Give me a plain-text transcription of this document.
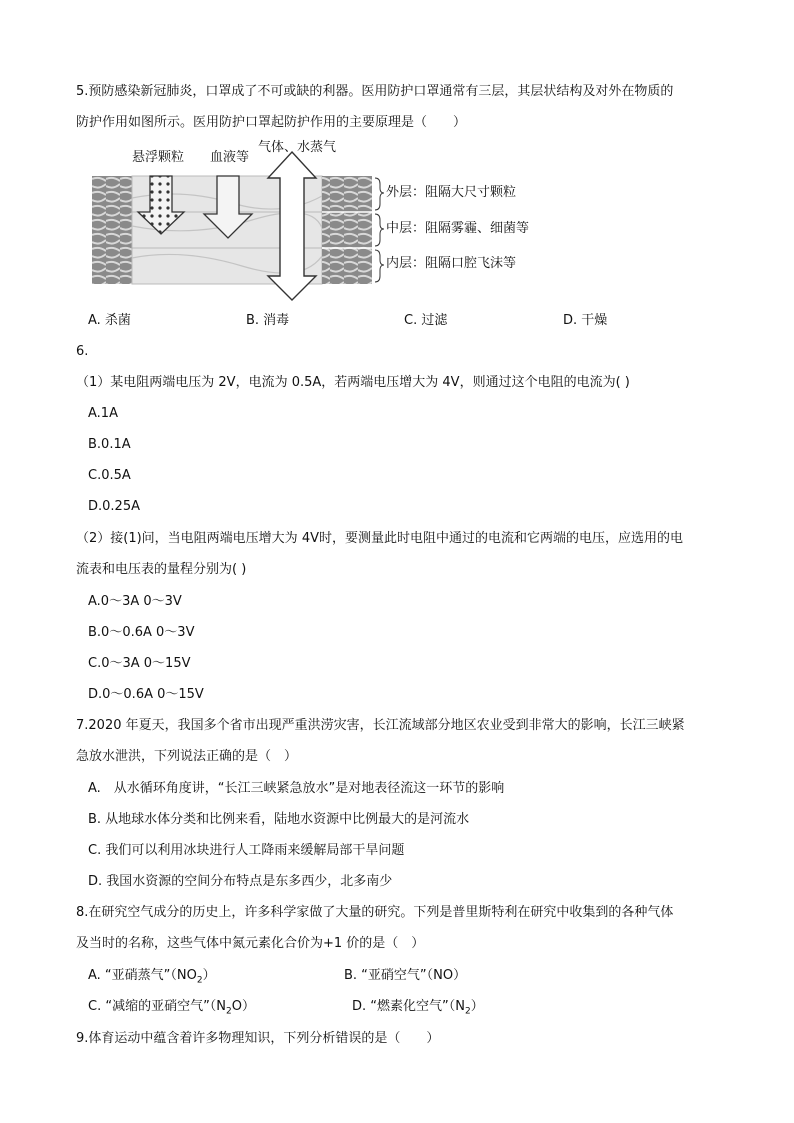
5.预防感染新冠肺炎，口罩成了不可或缺的利器。医用防护口罩通常有三层，其层状结构及对外在物质的
防护作用如图所示。医用防护口罩起防护作用的主要原理是（　　）
悬浮颗粒 血液等
气体、水蒸气
外层：阻隔大尺寸颗粒
中层：阻隔雾霾、细菌等
内层：阻隔口腔飞沫等
A. 杀菌	B. 消毒	C. 过滤	D. 干燥
6.
（1）某电阻两端电压为 2V，电流为 0.5A，若两端电压增大为 4V，则通过这个电阻的电流为( )
A.1A
B.0.1A
C.0.5A
D.0.25A
（2）接(1)问，当电阻两端电压增大为 4V时，要测量此时电阻中通过的电流和它两端的电压，应选用的电
流表和电压表的量程分别为( )
A.0～3A 0～3V
B.0～0.6A 0～3V
C.0～3A 0～15V
D.0～0.6A 0～15V
7.2020 年夏天，我国多个省市出现严重洪涝灾害，长江流域部分地区农业受到非常大的影响，长江三峡紧
急放水泄洪，下列说法正确的是（　）
A.　从水循环角度讲，“长江三峡紧急放水”是对地表径流这一环节的影响
B. 从地球水体分类和比例来看，陆地水资源中比例最大的是河流水
C. 我们可以利用冰块进行人工降雨来缓解局部干旱问题
D. 我国水资源的空间分布特点是东多西少，北多南少
8.在研究空气成分的历史上，许多科学家做了大量的研究。下列是普里斯特利在研究中收集到的各种气体
及当时的名称，这些气体中氮元素化合价为+1 价的是（　）
A. “亚硝蒸气$”(NO_2)$	B. “亚硝空气”（NO）
C. “减缩的亚硝空气$”(N_2O)$	D. “燃素化空气$”(N_2)$
9.体育运动中蕴含着许多物理知识，下列分析错误的是（　　）
